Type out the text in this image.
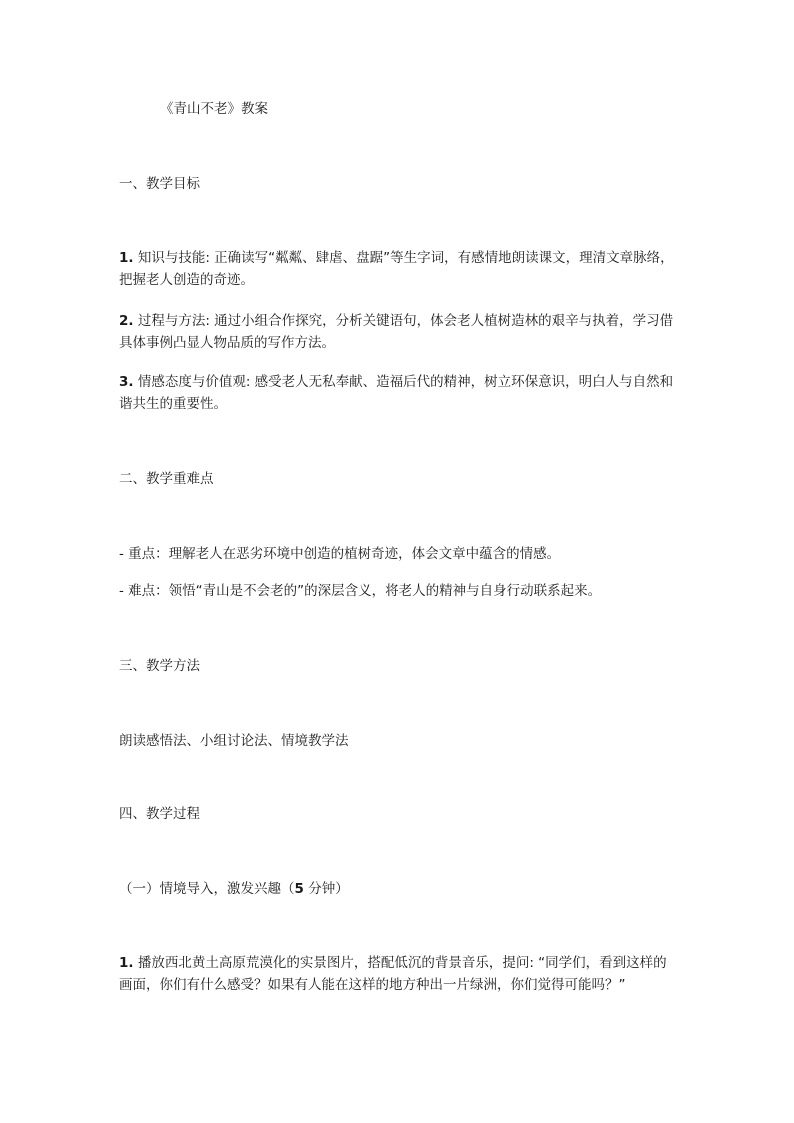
《青山不老》教案
一、教学目标
1. 知识与技能: 正确读写“粼粼、肆虐、盘踞”等生字词，有感情地朗读课文，理清文章脉络，把握老人创造的奇迹。
2. 过程与方法: 通过小组合作探究，分析关键语句，体会老人植树造林的艰辛与执着，学习借具体事例凸显人物品质的写作方法。
3. 情感态度与价值观: 感受老人无私奉献、造福后代的精神，树立环保意识，明白人与自然和谐共生的重要性。
二、教学重难点
- 重点：理解老人在恶劣环境中创造的植树奇迹，体会文章中蕴含的情感。
- 难点：领悟“青山是不会老的”的深层含义，将老人的精神与自身行动联系起来。
三、教学方法
朗读感悟法、小组讨论法、情境教学法
四、教学过程
（一）情境导入，激发兴趣（5 分钟）
1. 播放西北黄土高原荒漠化的实景图片，搭配低沉的背景音乐，提问: “同学们，看到这样的画面，你们有什么感受？如果有人能在这样的地方种出一片绿洲，你们觉得可能吗？”
